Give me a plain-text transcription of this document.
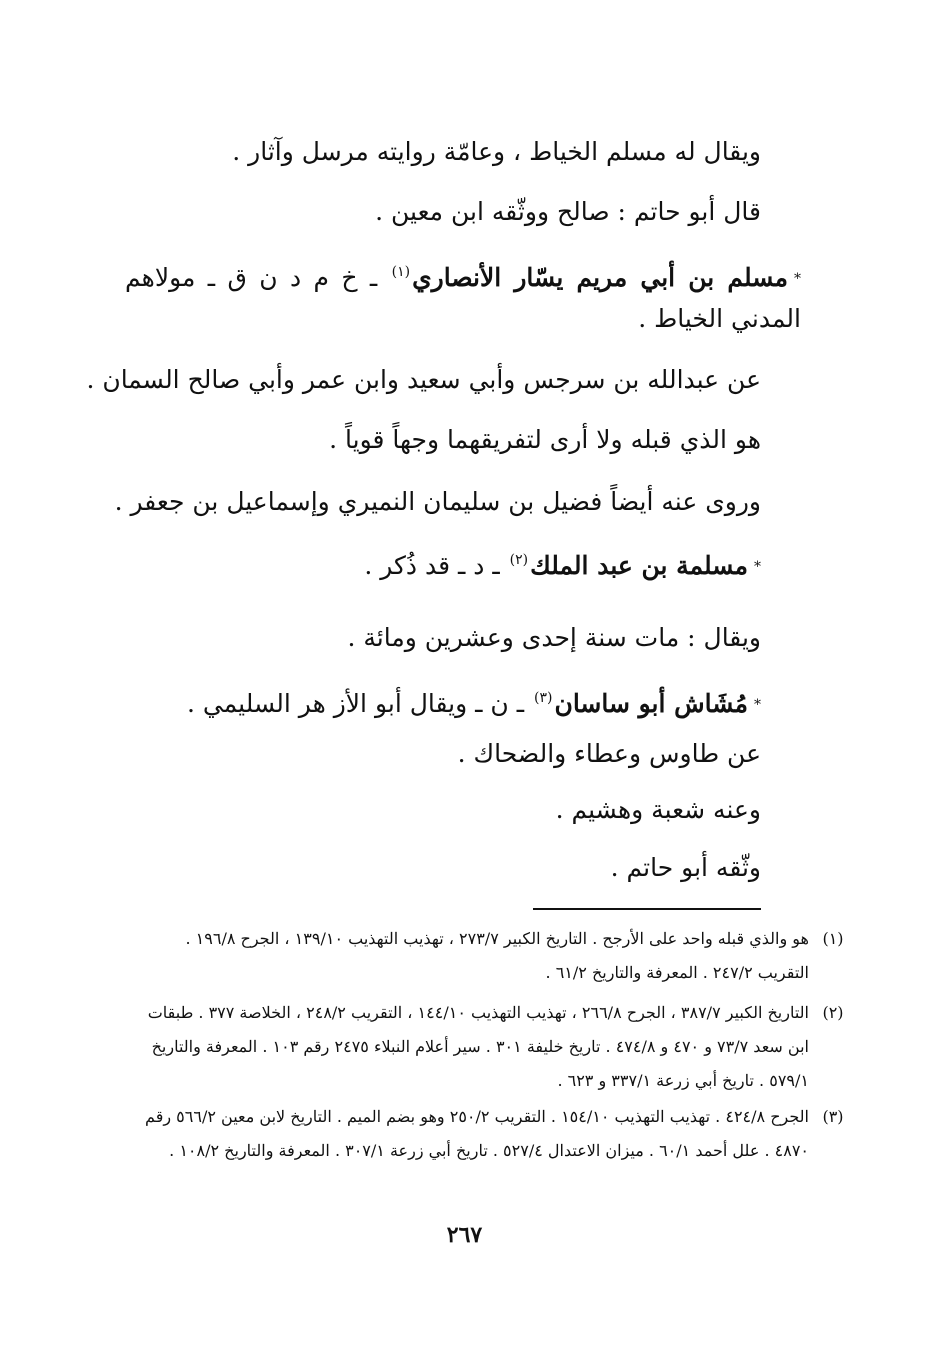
ويقال له مسلم الخياط ، وعامّة روايته مرسل وآثار .
قال أبو حاتم : صالح ووثّقه ابن معين .
*مسلم بن أبي مريم يسّار الأنصاري$^{(١)}$ ـ خ م د ن ق ـ مولاهم المدني الخياط .
عن عبدالله بن سرجس وأبي سعيد وابن عمر وأبي صالح السمان .
هو الذي قبله ولا أرى لتفريقهما وجهاً قوياً .
وروى عنه أيضاً فضيل بن سليمان النميري وإسماعيل بن جعفر .
*مسلمة بن عبد الملك$^{(٢)}$ ـ د ـ قد ذُكر .
ويقال : مات سنة إحدى وعشرين ومائة .
*مُشَاش أبو ساسان$^{(٣)}$ ـ ن ـ ويقال أبو الأز هر السليمي .
عن طاوس وعطاء والضحاك .
وعنه شعبة وهشيم .
وثّقه أبو حاتم .
(١)
هو والذي قبله واحد على الأرجح . التاريخ الكبير ٢٧٣/٧ ، تهذيب التهذيب ١٣٩/١٠ ، الجرح ١٩٦/٨ . التقريب ٢٤٧/٢ . المعرفة والتاريخ ٦١/٢ .
(٢)
التاريخ الكبير ٣٨٧/٧ ، الجرح ٢٦٦/٨ ، تهذيب التهذيب ١٤٤/١٠ ، التقريب ٢٤٨/٢ ، الخلاصة ٣٧٧ . طبقات ابن سعد ٧٣/٧ و ٤٧٠ و ٤٧٤/٨ . تاريخ خليفة ٣٠١ . سير أعلام النبلاء ٢٤٧٥ رقم ١٠٣ . المعرفة والتاريخ ٥٧٩/١ . تاريخ أبي زرعة ٣٣٧/١ و ٦٢٣ .
(٣)
الجرح ٤٢٤/٨ . تهذيب التهذيب ١٥٤/١٠ . التقريب ٢٥٠/٢ وهو بضم الميم . التاريخ لابن معين ٥٦٦/٢ رقم ٤٨٧٠ . علل أحمد ٦٠/١ . ميزان الاعتدال ٥٢٧/٤ . تاريخ أبي زرعة ٣٠٧/١ . المعرفة والتاريخ ١٠٨/٢ .
٢٦٧
